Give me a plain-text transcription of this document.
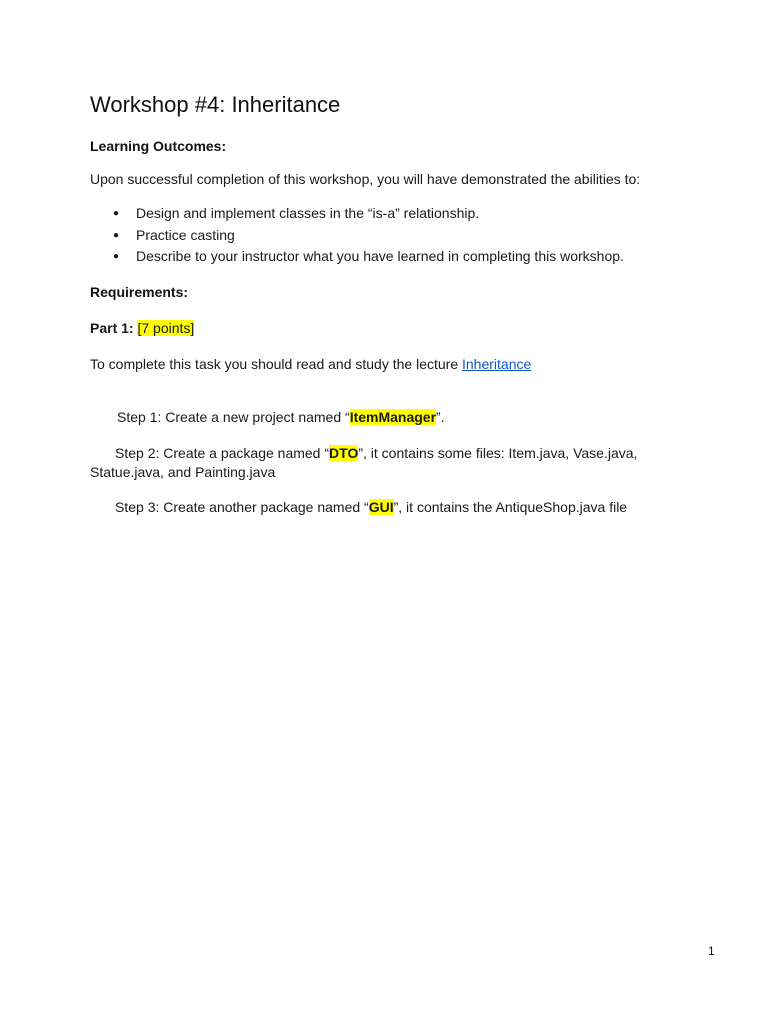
Workshop #4: Inheritance

Learning Outcomes:

Upon successful completion of this workshop, you will have demonstrated the abilities to:

● Design and implement classes in the “is-a” relationship.
● Practice casting
● Describe to your instructor what you have learned in completing this workshop.

Requirements:

Part 1: [7 points]

To complete this task you should read and study the lecture Inheritance

Step 1: Create a new project named “ItemManager”.

Step 2: Create a package named “DTO”, it contains some files: Item.java, Vase.java,

Statue.java, and Painting.java

Step 3: Create another package named “GUI”, it contains the AntiqueShop.java file

1
